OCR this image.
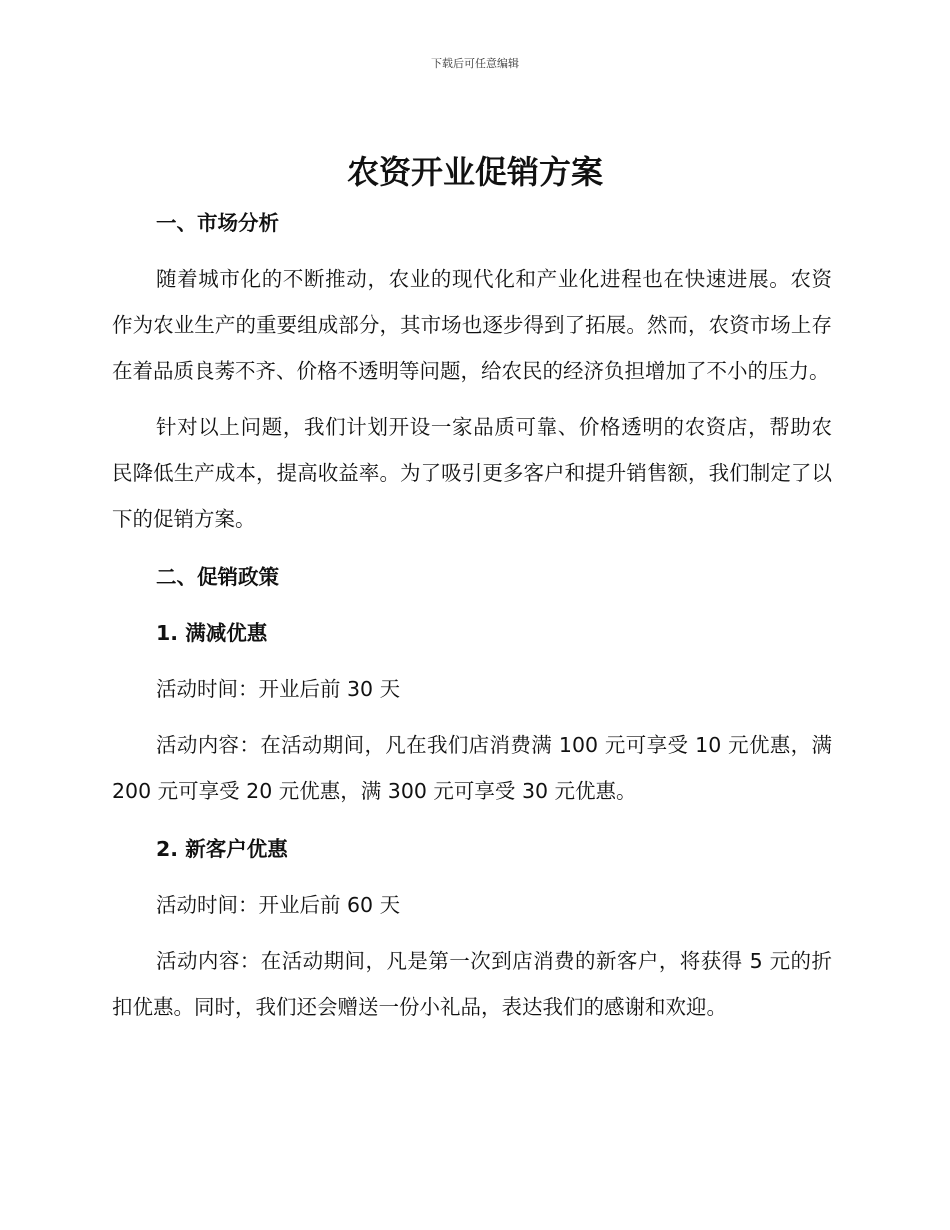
下载后可任意编辑
农资开业促销方案
一、市场分析

随着城市化的不断推动，农业的现代化和产业化进程也在快速进展。农资作为农业生产的重要组成部分，其市场也逐步得到了拓展。然而，农资市场上存在着品质良莠不齐、价格不透明等问题，给农民的经济负担增加了不小的压力。

针对以上问题，我们计划开设一家品质可靠、价格透明的农资店，帮助农民降低生产成本，提高收益率。为了吸引更多客户和提升销售额，我们制定了以下的促销方案。

二、促销政策
1. 满减优惠

活动时间：开业后前 30 天

活动内容：在活动期间，凡在我们店消费满 100 元可享受 10 元优惠，满 200 元可享受 20 元优惠，满 300 元可享受 30 元优惠。

2. 新客户优惠

活动时间：开业后前 60 天

活动内容：在活动期间，凡是第一次到店消费的新客户，将获得 5 元的折扣优惠。同时，我们还会赠送一份小礼品，表达我们的感谢和欢迎。
